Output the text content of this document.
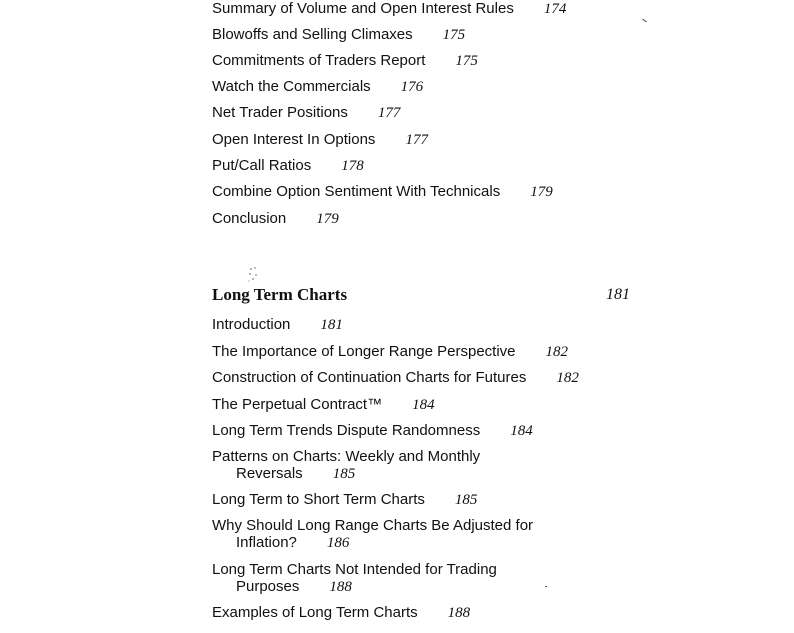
Summary of Volume and Open Interest Rules 174
Blowoffs and Selling Climaxes 175
Commitments of Traders Report 175
Watch the Commercials 176
Net Trader Positions 177
Open Interest In Options 177
Put/Call Ratios 178
Combine Option Sentiment With Technicals 179
Conclusion 179
Long Term Charts	181
Introduction 181
The Importance of Longer Range Perspective 182
Construction of Continuation Charts for Futures 182
The Perpetual Contract™ 184
Long Term Trends Dispute Randomness 184
Patterns on Charts: Weekly and Monthly
Reversals 185
Long Term to Short Term Charts 185
Why Should Long Range Charts Be Adjusted for
Inflation? 186
Long Term Charts Not Intended for Trading
Purposes 188
Examples of Long Term Charts 188
